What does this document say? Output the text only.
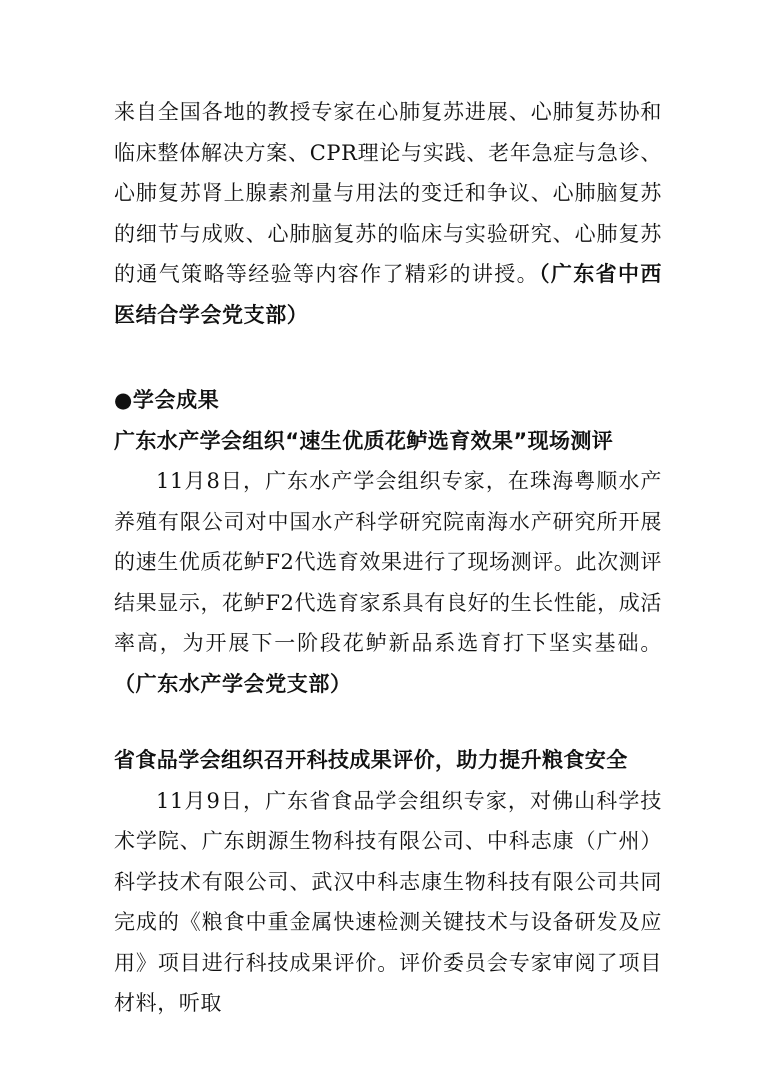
来自全国各地的教授专家在心肺复苏进展、心肺复苏协和临床整体解决方案、CPR理论与实践、老年急症与急诊、心肺复苏肾上腺素剂量与用法的变迁和争议、心肺脑复苏的细节与成败、心肺脑复苏的临床与实验研究、心肺复苏的通气策略等经验等内容作了精彩的讲授。（广东省中西医结合学会党支部）

●学会成果
广东水产学会组织“速生优质花鲈选育效果”现场测评

11月8日，广东水产学会组织专家，在珠海粤顺水产养殖有限公司对中国水产科学研究院南海水产研究所开展的速生优质花鲈F2代选育效果进行了现场测评。此次测评结果显示，花鲈F2代选育家系具有良好的生长性能，成活率高，为开展下一阶段花鲈新品系选育打下坚实基础。（广东水产学会党支部）

省食品学会组织召开科技成果评价，助力提升粮食安全

11月9日，广东省食品学会组织专家，对佛山科学技术学院、广东朗源生物科技有限公司、中科志康（广州）科学技术有限公司、武汉中科志康生物科技有限公司共同完成的《粮食中重金属快速检测关键技术与设备研发及应用》项目进行科技成果评价。评价委员会专家审阅了项目材料，听取
